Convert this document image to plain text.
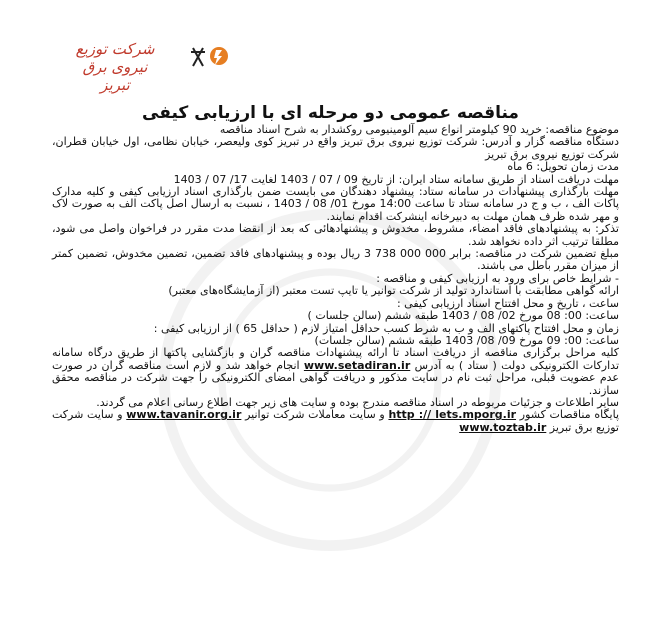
شرکت توزیع نیروی برق
تبریز
مناقصه عمومی دو مرحله ای با ارزیابی کیفی

موضوع مناقصه: خرید 90 کیلومتر انواع سیم آلومینیومی روکشدار به شرح اسناد مناقصه

دستگاه مناقصه گزار و آدرس: شرکت توزیع نیروی برق تبریز واقع در تبریز کوی ولیعصر، خیابان نظامی، اول خیابان قطران، شرکت توزیع نیروی برق تبریز

مدت زمان تحویل: 6 ماه

مهلت دریافت اسناد از طریق سامانه ستاد ایران: از تاریخ 09 / 07 / 1403 لغایت 17/ 07 / 1403

مهلت بارگذاری پیشنهادات در سامانه ستاد: پیشنهاد دهندگان می بایست ضمن بارگذاری اسناد ارزیابی کیفی و کلیه مدارک پاکات الف ، ب و ج در سامانه ستاد تا ساعت 14:00 مورخ 01/ 08 / 1403 ، نسبت به ارسال اصل پاکت الف به صورت لاک و مهر شده ظرف همان مهلت به دبیرخانه اینشرکت اقدام نمایند.

تذکر: به پیشنهادهای فاقد امضاء، مشروط، مخدوش و پیشنهادهائی که بعد از انقضا مدت مقرر در فراخوان واصل می شود، مطلقا ترتیب اثر داده نخواهد شد.

مبلغ تضمین شرکت در مناقصه: برابر 000 000 738 3 ریال بوده و پیشنهادهای فاقد تضمین، تضمین مخدوش، تضمین کمتر از میزان مقرر باطل می باشند.

- شرایط خاص برای ورود به ارزیابی کیفی و مناقصه :

ارائه گواهی مطابقت با استاندارد تولید از شرکت توانیر یا تایپ تست معتبر (از آزمایشگاه‌های معتبر)

ساعت ، تاریخ و محل افتتاح اسناد ارزیابی کیفی :

ساعت: 00: 08 مورخ 02/ 08 / 1403 طبقه ششم (سالن جلسات )

زمان و محل افتتاح پاکتهای الف و ب به شرط کسب حداقل امتیاز لازم ( حداقل 65 ) از ارزیابی کیفی :

ساعت: 00: 09 مورخ 09/ 08/ 1403 طبقه ششم (سالن جلسات)

کلیه مراحل برگزاری مناقصه از دریافت اسناد تا ارائه پیشنهادات مناقصه گران و بازگشایی پاکتها از طریق درگاه سامانه تدارکات الکترونیکی دولت ( ستاد ) به آدرس www.setadiran.ir انجام خواهد شد و لازم است مناقصه گران در صورت عدم عضویت قبلی، مراحل ثبت نام در سایت مذکور و دریافت گواهی امضای الکترونیکی را جهت شرکت در مناقصه محقق سازند.

سایر اطلاعات و جزئیات مربوطه در اسناد مناقصه مندرج بوده و سایت های زیر جهت اطلاع رسانی اعلام می گردند.

پایگاه مناقصات کشور http :// lets.mporg.ir و سایت معاملات شرکت توانیر www.tavanir.org.ir و سایت شرکت توزیع برق تبریز www.toztab.ir
